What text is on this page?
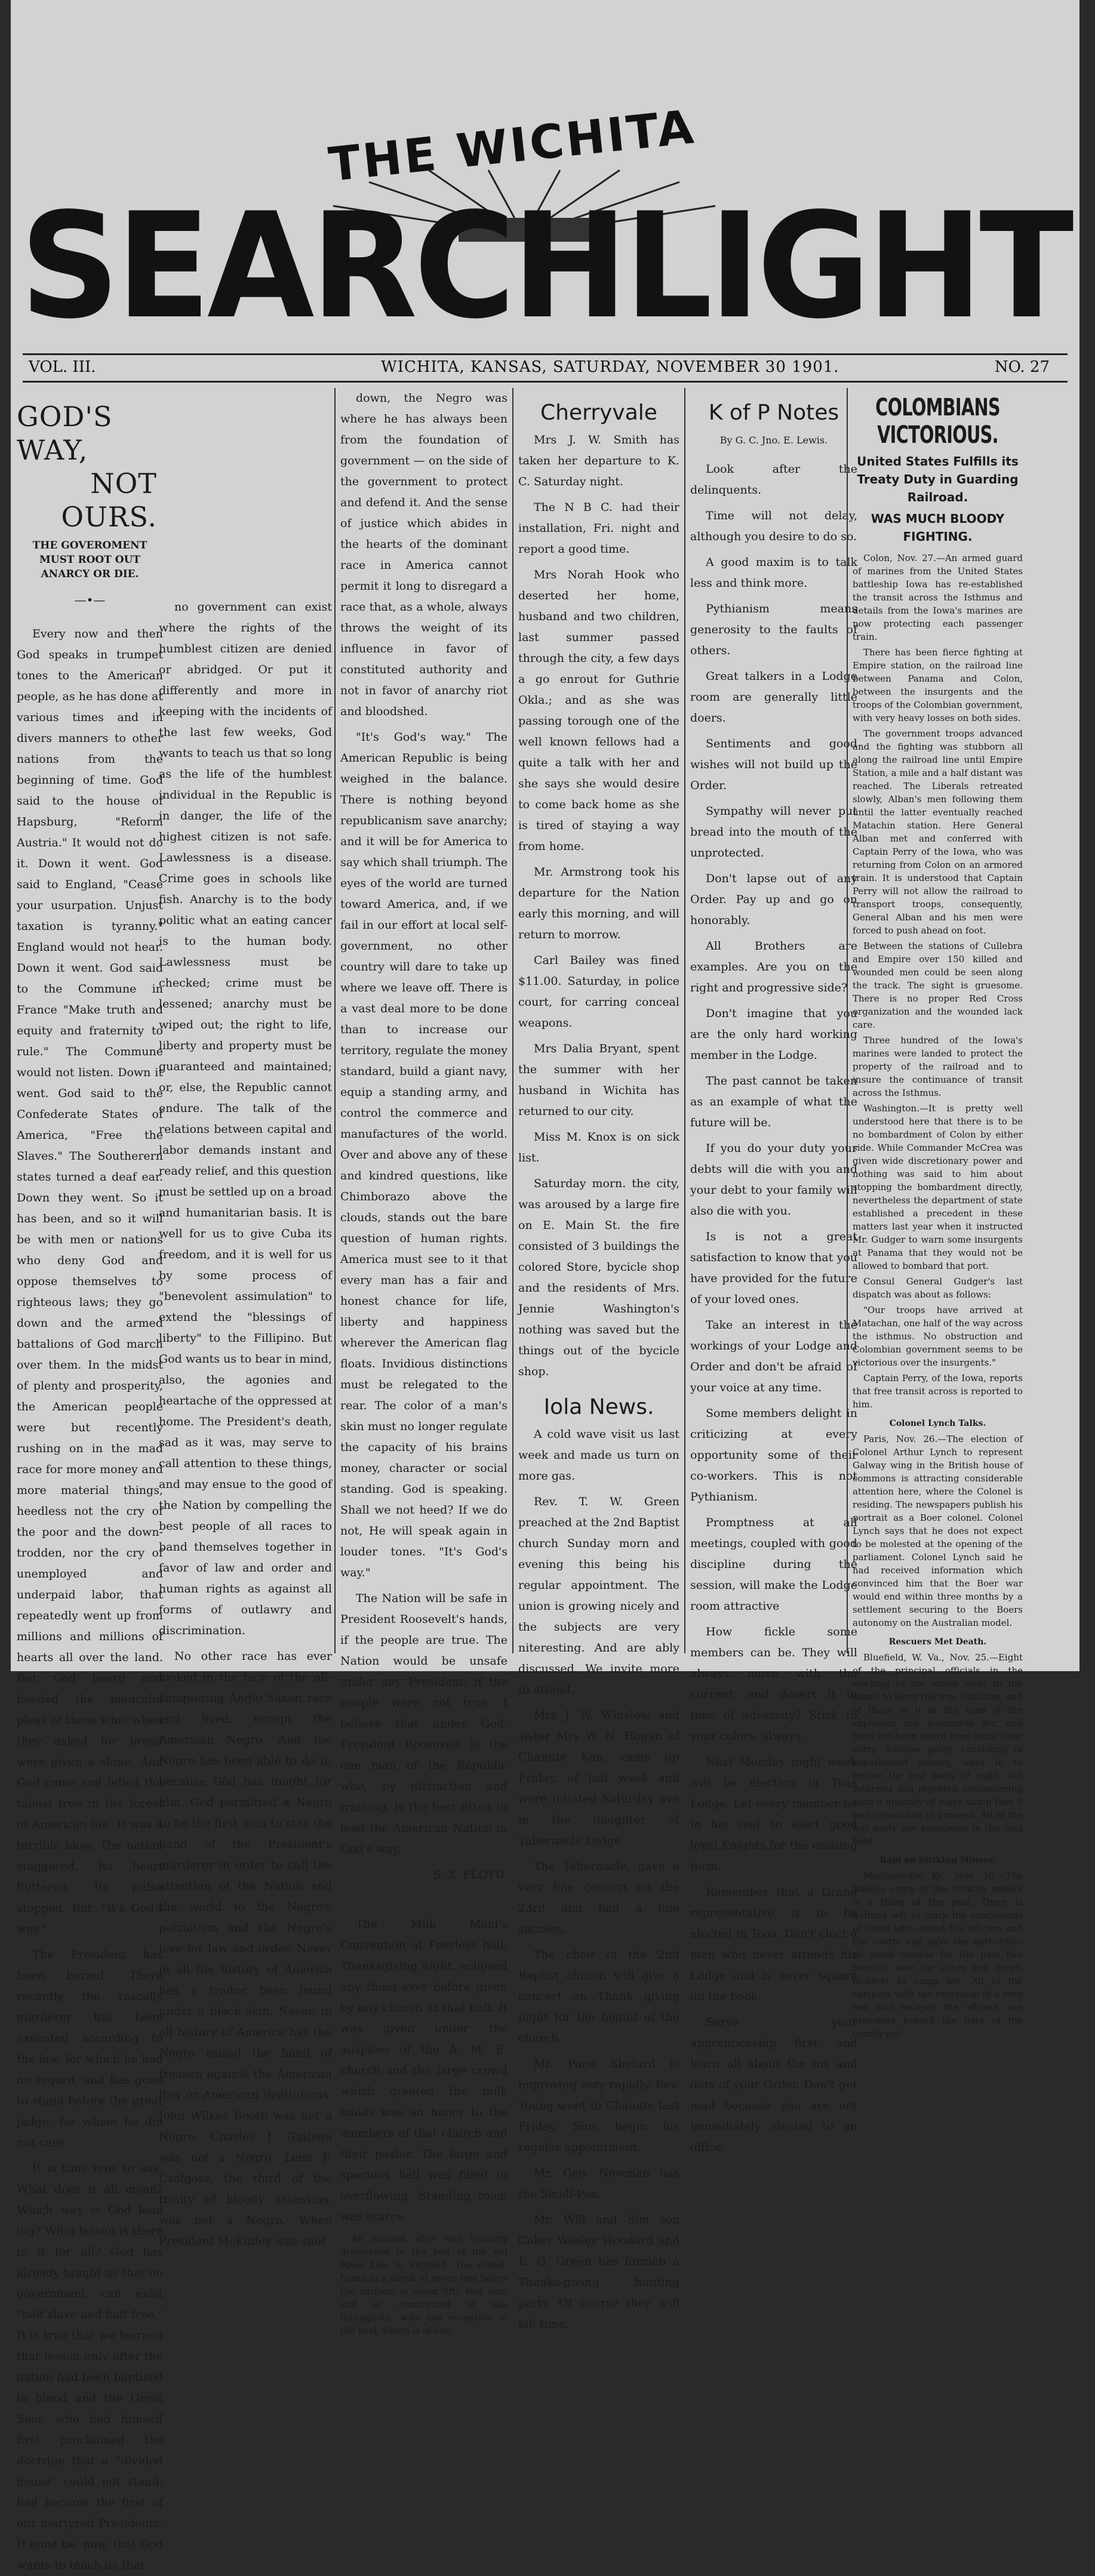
THE WICHITA
SEARCHLIGHT
VOL. III.	WICHITA, KANSAS, SATURDAY, NOVEMBER 30 1901.	NO. 27
GOD'S WAY,
NOT OURS.
THE GOVEROMENT MUST ROOT OUT ANARCY OR DIE.
—•—

Every now and then God speaks in trumpet tones to the American people, as he has done at various times and in divers manners to other nations from the beginning of time. God said to the house of Hapsburg, "Reform Austria." It would not do it. Down it went. God said to England, "Cease your usurpation. Unjust taxation is tyranny." England would not hear. Down it went. God said to the Commune in France "Make truth and equity and fraternity to rule." The Commune would not listen. Down it went. God said to the Confederate States of America, "Free the Slaves." The Southerern states turned a deaf ear. Down they went. So it has been, and so it will be with men or nations who deny God and oppose themselves to righteous laws; they go down and the armed battalions of God march over them. In the midst of plenty and prosperity, the American people were but recently rushing on in the mad race for more money and more material things, heedless not the cry of the poor and the down-trodden, nor the cry of unemployed and underpaid labor, that repeatedly went up from millions and millions of hearts all over the land. But God heard and heeded the mournful pleas of those who, when they asked for bread were given a stone. And God came and felled the tallest tree in the forest of American life. It was a terrible blow. The nation staggered. Its heart fluttered. Its pulse stopped. But, "It's God's way."

The President has been buried. There recently the rascally murderer has been executed according to the law, for which he had no regard, and has gone to stand before the great judge, for whom he did not care.

It is time now to ask, What does it all mean? Which way is God lead ing? What lesson is there in it for all? God has already taught us that no government can exist "half slave and half free." It is true that we learned that lesson only after the nation had been baptised in blood and the Great Seer, who had himself first proclaimed the doctrine that a "divided house" could not stand, had become the first of our martyred Presidents. It must be, now, that God wants to teach us that

no government can exist where the rights of the humblest citizen are denied or abridged. Or put it differently and more in keeping with the incidents of the last few weeks, God wants to teach us that so long as the life of the humblest individual in the Republic is in danger, the life of the highest citizen is not safe. Lawlessness is a disease. Crime goes in schools like fish. Anarchy is to the body politic what an eating cancer is to the human body. Lawlessness must be checked; crime must be lessened; anarchy must be wiped out; the right to life, liberty and property must be guaranteed and maintained; or, else, the Republic cannot endure. The talk of the relations between capital and labor demands instant and ready relief, and this question must be settled up on a broad and humanitarian basis. It is well for us to give Cuba its freedom, and it is well for us by some process of "benevolent assimulation" to extend the "blessings of liberty" to the Fillipino. But God wants us to bear in mind, also, the agonies and heartache of the oppressed at home. The President's death, sad as it was, may serve to call attention to these things, and may ensue to the good of the Nation by compelling the best people of all races to band themselves together in favor of law and order and human rights as against all forms of outlawry and discrimination.

No other race has ever looked in the face of the all-conquering Anglo Saxon race and lived, except the American Negro. And the Negro has been able to do it, because God has fought for him. God permitted a Negro to be the first man to stay the hand of the President's murderer in order to call the attention of the Nation and the world to the Negro's patriotism and the Negro's love for law and order. Never in all the history of America has a traitor been found under a black skin. Never, in all history of America has the Negro raised the hand of treason against the American flag or American institutions. John Wilkes Booth was not a Negro. Charles J. Guiteau was not a Negro. Leon F. Czolgosz, the third of the trinity of bloody assassins, was not a Negro. When President McKinley was shot

down, the Negro was where he has always been from the foundation of government — on the side of the government to protect and defend it. And the sense of justice which abides in the hearts of the dominant race in America cannot permit it long to disregard a race that, as a whole, always throws the weight of its influence in favor of constituted authority and not in favor of anarchy riot and bloodshed.

"It's God's way." The American Republic is being weighed in the balance. There is nothing beyond republicanism save anarchy; and it will be for America to say which shall triumph. The eyes of the world are turned toward America, and, if we fail in our effort at local self-government, no other country will dare to take up where we leave off. There is a vast deal more to be done than to increase our territory, regulate the money standard, build a giant navy, equip a standing army, and control the commerce and manufactures of the world. Over and above any of these and kindred questions, like Chimborazo above the clouds, stands out the bare question of human rights. America must see to it that every man has a fair and honest chance for life, liberty and happiness wherever the American flag floats. Invidious distinctions must be relegated to the rear. The color of a man's skin must no longer regulate the capacity of his brains money, character or social standing. God is speaking. Shall we not heed? If we do not, He will speak again in louder tones. "It's God's way."

The Nation will be safe in President Roosevelt's hands, if the people are true. The Nation would be unsafe under any President, if the people were not true. I believe that under God, President Roosevelt is the one man of the Republic who, by distinction and training, is the best fitted to lead the American Nation in God's way.

S. X. FLOYD.

The Milk Maid's Convention at Peerless hall, Thanksgiving night, eclipsed any thing ever before given by any church at that hall. It was given under the auspices of the A. M. E. church and the large crowd which greeted the milk maids was an honor to the members of that church and their pastor. The large and spacious hall was filled to overflowing. Standing room was scarce.

An ancient ship was recently discovered in the bed of the old River Lea, in England. The vessel, found at a depth of seven feet below the surface, is about fifty feet long and is constructed of oak throughout, with the exception of the keel, which is of elm.

Cherryvale

Mrs J. W. Smith has taken her departure to K. C. Saturday night.

The N B C. had their installation, Fri. night and report a good time.

Mrs Norah Hook who deserted her home, husband and two children, last summer passed through the city, a few days a go enrout for Guthrie Okla.; and as she was passing torough one of the well known fellows had a quite a talk with her and she says she would desire to come back home as she is tired of staying a way from home.

Mr. Armstrong took his departure for the Nation early this morning, and will return to morrow.

Carl Bailey was fined $11.00. Saturday, in police court, for carring conceal weapons.

Mrs Dalia Bryant, spent the summer with her husband in Wichita has returned to our city.

Miss M. Knox is on sick list.

Saturday morn. the city, was aroused by a large fire on E. Main St. the fire consisted of 3 buildings the colored Store, bycicle shop and the residents of Mrs. Jennie Washington's nothing was saved but the things out of the bycicle shop.

Iola News.

A cold wave visit us last week and made us turn on more gas.

Rev. T. W. Green preached at the 2nd Baptist church Sunday morn and evening this being his regular appointment. The union is growing nicely and the subjects are very niteresting. And are ably discussed. We invite more to attend.

Mrs J. W. Winslow and sister Mrs W. N. Hogan of Chanute Kan. came up Friday, of last week and were intiated Saturday eve in the daughter of Tabernacle Lodge.

The Tabernacle, gave a very fine concert on the 23rd and had a fine success.

The choir of the 2nd Baptist church will give a concert on Thank giving night for the benifit of the church.

Mr. Pane Shefard is improving very rapidly. Rev. Young went to Chanute last Friday. Sun. begin his regular appointment.

Mr. Geo. Newman has the Small-Pox.

Mr. Will and Sim son Coker Wesley Woodard and E. G. Green has formeb a Thanks-giving hunting party. Of course they will kill time.

K of P Notes
By G. C. Jno. E. Lewis.

Look after the delinquents.

Time will not delay, although you desire to do so.

A good maxim is to talk less and think more.

Pythianism means generosity to the faults of others.

Great talkers in a Lodge room are generally little doers.

Sentiments and good wishes will not build up the Order.

Sympathy will never put bread into the mouth of the unprotected.

Don't lapse out of any Order. Pay up and go on honorably.

All Brothers are examples. Are you on the right and progressive side?

Don't imagine that you are the only hard working member in the Lodge.

The past cannot be taken as an example of what the future will be.

If you do your duty your debts will die with you and your debt to your family will also die with you.

Is is not a great satisfaction to know that you have provided for the future of your loved ones.

Take an interest in the workings of your Lodge and Order and don't be afraid of your voice at any time.

Some members delight in criticizing at every opportunity some of their co-workers. This is not Pythianism.

Promptness at all meetings, coupled with good discipline during the session, will make the Lodge room attractive

How fickle some members can be. They will always move with the current, and desert it in time of adversity? Stick to your colors, always.

Next Monday night week will be election in Toas Lodge. Let every member be in his seat to elect good loyal Knights for the ensuing term.

Remember that a Grand representative is to be elected in Toas. Don't elect a man who never attends his Lodge and is never square on the book.

Serve your apprenticeship first and learn all about the ins and outs of your Order. Don't get mad because you are not immediately elected to an office.

COLOMBIANS VICTORIOUS.
United States Fulfills its Treaty Duty in Guarding Railroad.
WAS MUCH BLOODY FIGHTING.

Colon, Nov. 27.—An armed guard of marines from the United States battleship Iowa has re-established the transit across the Isthmus and details from the Iowa's marines are now protecting each passenger train.

There has been fierce fighting at Empire station, on the railroad line between Panama and Colon, between the insurgents and the troops of the Colombian government, with very heavy losses on both sides.

The government troops advanced and the fighting was stubborn all along the railroad line until Empire Station, a mile and a half distant was reached. The Liberals retreated slowly, Alban's men following them until the latter eventually reached Matachin station. Here General Alban met and conferred with Captain Perry of the Iowa, who was returning from Colon on an armored train. It is understood that Captain Perry will not allow the railroad to transport troops, consequently, General Alban and his men were forced to push ahead on foot.

Between the stations of Cullebra and Empire over 150 killed and wounded men could be seen along the track. The sight is gruesome. There is no proper Red Cross organization and the wounded lack care.

Three hundred of the Iowa's marines were landed to protect the property of the railroad and to insure the continuance of transit across the Isthmus.

Washington.—It is pretty well understood here that there is to be no bombardment of Colon by either side. While Commander McCrea was given wide discretionary power and nothing was said to him about stopping the bombardment directly, nevertheless the department of state established a precedent in these matters last year when it instructed Mr. Gudger to warn some insurgents at Panama that they would not be allowed to bombard that port.

Consul General Gudger's last dispatch was about as follows:

"Our troops have arrived at Matachan, one half of the way across the isthmus. No obstruction and Colombian government seems to be victorious over the insurgents."

Captain Perry, of the Iowa, reports that free transit across is reported to him.

Colonel Lynch Talks.

Paris, Nov. 26.—The election of Colonel Arthur Lynch to represent Galway wing in the British house of commons is attracting considerable attention here, where the Colonel is residing. The newspapers publish his portrait as a Boer colonel. Colonel Lynch says that he does not expect to be molested at the opening of the parliament. Colonel Lynch said he had received information which convinced him that the Boer war would end within three months by a settlement securing to the Boers autonomy on the Australian model.

Rescuers Met Death.

Bluefield, W. Va., Nov. 25.—Eight of the principal officials in the working of the mines went to the mines to learn the true situation, and of those in it at the time of the explosion not accounted for, and have not been heard from since their entry. Another party, consisting of experienced miners, went in to rescue the lost party of eight, but returned and reported encountering such a quantity of black damp that it was impossible to proceed. All of the lost party are prominent in the coal field.

Raid on Striking Miners.

Madisonville, Ky., Nov. 26.—The famous camp of the striking miners is a thing of the past. There is nothing left to mark the rendezvous of those who defied the officers and the courts and gave the authorities so much trouble for the past two months, save the ashes and debris incident to camp life. All of the campers with the exception of a very few who escaped the officers, are prisoners behind the bars of the county jail
